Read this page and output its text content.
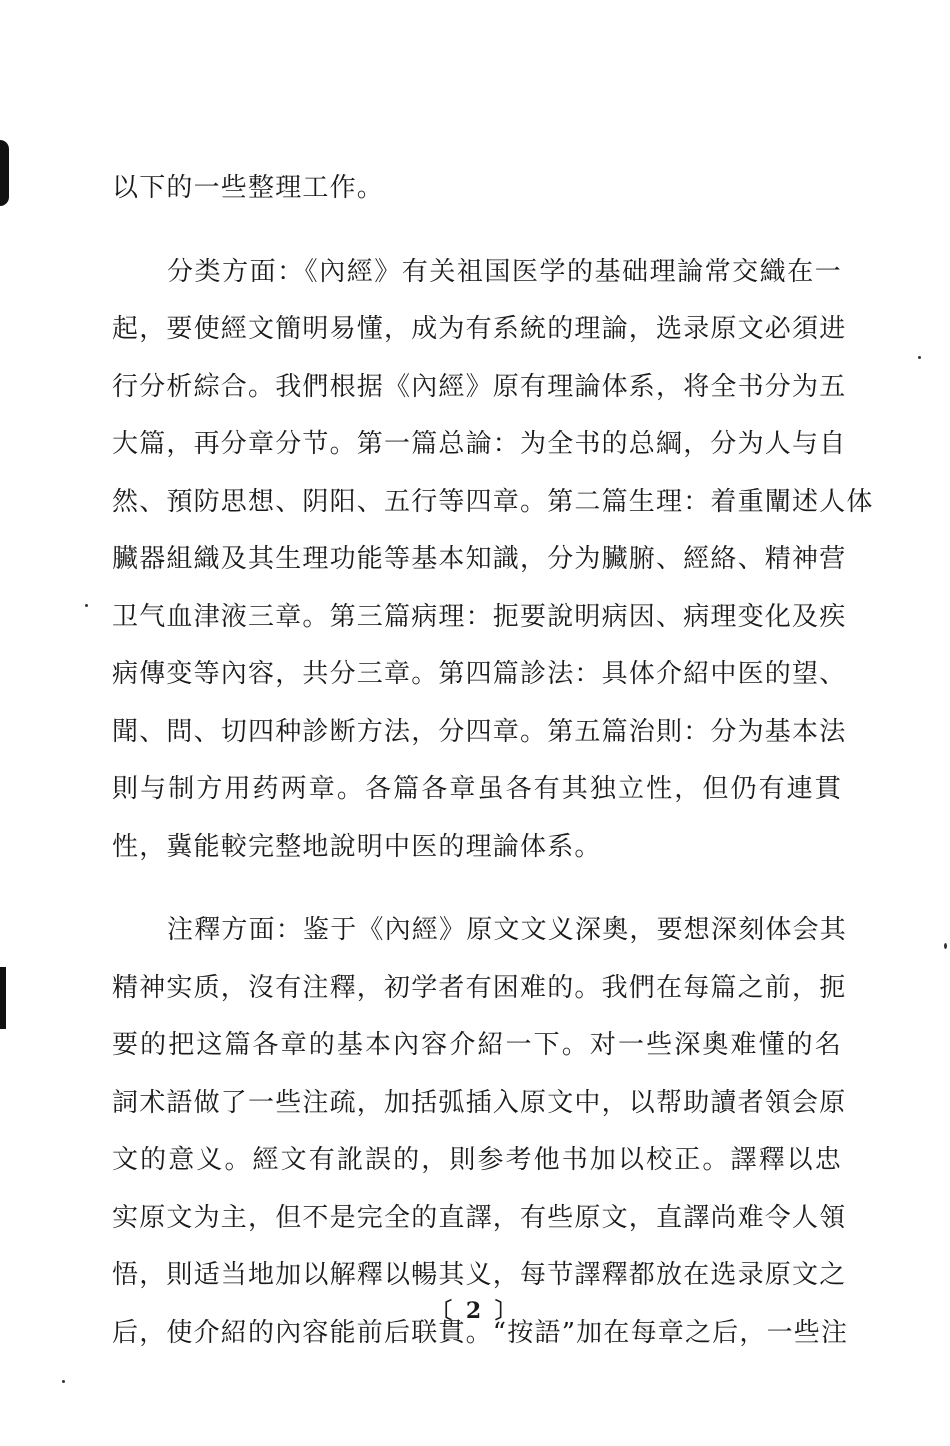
以下的一些整理工作。
分类方面：《內經》有关祖国医学的基础理論常交織在一
起，要使經文簡明易懂，成为有系統的理論，选录原文必須进
行分析綜合。我們根据《內經》原有理論体系，将全书分为五
大篇，再分章分节。第一篇总論：为全书的总綱，分为人与自
然、預防思想、阴阳、五行等四章。第二篇生理：着重闡述人体
臟器組織及其生理功能等基本知識，分为臟腑、經絡、精神营
卫气血津液三章。第三篇病理：扼要說明病因、病理变化及疾
病傳变等內容，共分三章。第四篇診法：具体介紹中医的望、
聞、問、切四种診断方法，分四章。第五篇治則：分为基本法
則与制方用药两章。各篇各章虽各有其独立性，但仍有連貫
性，冀能較完整地說明中医的理論体系。
注釋方面：鉴于《內經》原文文义深奧，要想深刻体会其
精神实质，沒有注釋，初学者有困难的。我們在每篇之前，扼
要的把这篇各章的基本內容介紹一下。对一些深奧难懂的名
詞术語做了一些注疏，加括弧插入原文中，以帮助讀者領会原
文的意义。經文有訛誤的，則参考他书加以校正。譯釋以忠
实原文为主，但不是完全的直譯，有些原文，直譯尚难令人領
悟，則适当地加以解釋以暢其义，每节譯釋都放在选录原文之
后，使介紹的內容能前后联貫。“按語”加在每章之后，一些注
〔 2 〕
